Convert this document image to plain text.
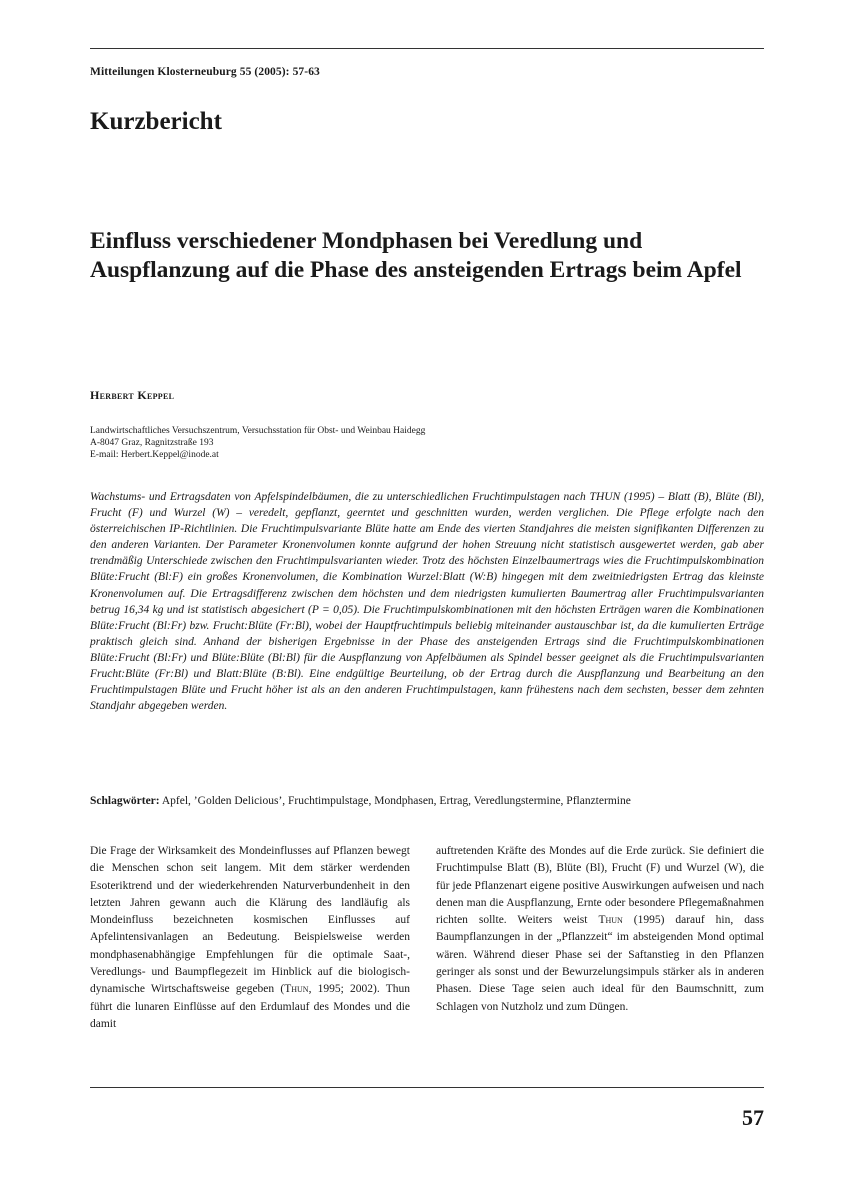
Mitteilungen Klosterneuburg 55 (2005): 57-63
Kurzbericht
Einfluss verschiedener Mondphasen bei Veredlung und Auspflanzung auf die Phase des ansteigenden Ertrags beim Apfel
Herbert Keppel
Landwirtschaftliches Versuchszentrum, Versuchsstation für Obst- und Weinbau Haidegg
A-8047 Graz, Ragnitzstraße 193
E-mail: Herbert.Keppel@inode.at
Wachstums- und Ertragsdaten von Apfelspindelbäumen, die zu unterschiedlichen Fruchtimpulstagen nach THUN (1995) – Blatt (B), Blüte (Bl), Frucht (F) und Wurzel (W) – veredelt, gepflanzt, geerntet und geschnitten wurden, werden verglichen. Die Pflege erfolgte nach den österreichischen IP-Richtlinien. Die Fruchtimpulsvariante Blüte hatte am Ende des vierten Standjahres die meisten signifikanten Differenzen zu den anderen Varianten. Der Parameter Kronenvolumen konnte aufgrund der hohen Streuung nicht statistisch ausgewertet werden, gab aber trendmäßig Unterschiede zwischen den Fruchtimpulsvarianten wieder. Trotz des höchsten Einzelbaumertrags wies die Fruchtimpulskombination Blüte:Frucht (Bl:F) ein großes Kronenvolumen, die Kombination Wurzel:Blatt (W:B) hingegen mit dem zweitniedrigsten Ertrag das kleinste Kronenvolumen auf. Die Ertragsdifferenz zwischen dem höchsten und dem niedrigsten kumulierten Baumertrag aller Fruchtimpulsvarianten betrug 16,34 kg und ist statistisch abgesichert (P = 0,05). Die Fruchtimpulskombinationen mit den höchsten Erträgen waren die Kombinationen Blüte:Frucht (Bl:Fr) bzw. Frucht:Blüte (Fr:Bl), wobei der Hauptfruchtimpuls beliebig miteinander austauschbar ist, da die kumulierten Erträge praktisch gleich sind. Anhand der bisherigen Ergebnisse in der Phase des ansteigenden Ertrags sind die Fruchtimpulskombinationen Blüte:Frucht (Bl:Fr) und Blüte:Blüte (Bl:Bl) für die Auspflanzung von Apfelbäumen als Spindel besser geeignet als die Fruchtimpulsvarianten Frucht:Blüte (Fr:Bl) und Blatt:Blüte (B:Bl). Eine endgültige Beurteilung, ob der Ertrag durch die Auspflanzung und Bearbeitung an den Fruchtimpulstagen Blüte und Frucht höher ist als an den anderen Fruchtimpulstagen, kann frühestens nach dem sechsten, besser dem zehnten Standjahr abgegeben werden.
Schlagwörter: Apfel, ’Golden Delicious’, Fruchtimpulstage, Mondphasen, Ertrag, Veredlungstermine, Pflanztermine
Die Frage der Wirksamkeit des Mondeinflusses auf Pflanzen bewegt die Menschen schon seit langem. Mit dem stärker werdenden Esoteriktrend und der wiederkehrenden Naturverbundenheit in den letzten Jahren gewann auch die Klärung des landläufig als Mondeinfluss bezeichneten kosmischen Einflusses auf Apfelintensivanlagen an Bedeutung. Beispielsweise werden mondphasenabhängige Empfehlungen für die optimale Saat-, Veredlungs- und Baumpflegezeit im Hinblick auf die biologisch-dynamische Wirtschaftsweise gegeben (Thun, 1995; 2002). Thun führt die lunaren Einflüsse auf den Erdumlauf des Mondes und die damit
auftretenden Kräfte des Mondes auf die Erde zurück. Sie definiert die Fruchtimpulse Blatt (B), Blüte (Bl), Frucht (F) und Wurzel (W), die für jede Pflanzenart eigene positive Auswirkungen aufweisen und nach denen man die Auspflanzung, Ernte oder besondere Pflegemaßnahmen richten sollte. Weiters weist Thun (1995) darauf hin, dass Baumpflanzungen in der „Pflanzzeit“ im absteigenden Mond optimal wären. Während dieser Phase sei der Saftanstieg in den Pflanzen geringer als sonst und der Bewurzelungsimpuls stärker als in anderen Phasen. Diese Tage seien auch ideal für den Baumschnitt, zum Schlagen von Nutzholz und zum Düngen.
57
